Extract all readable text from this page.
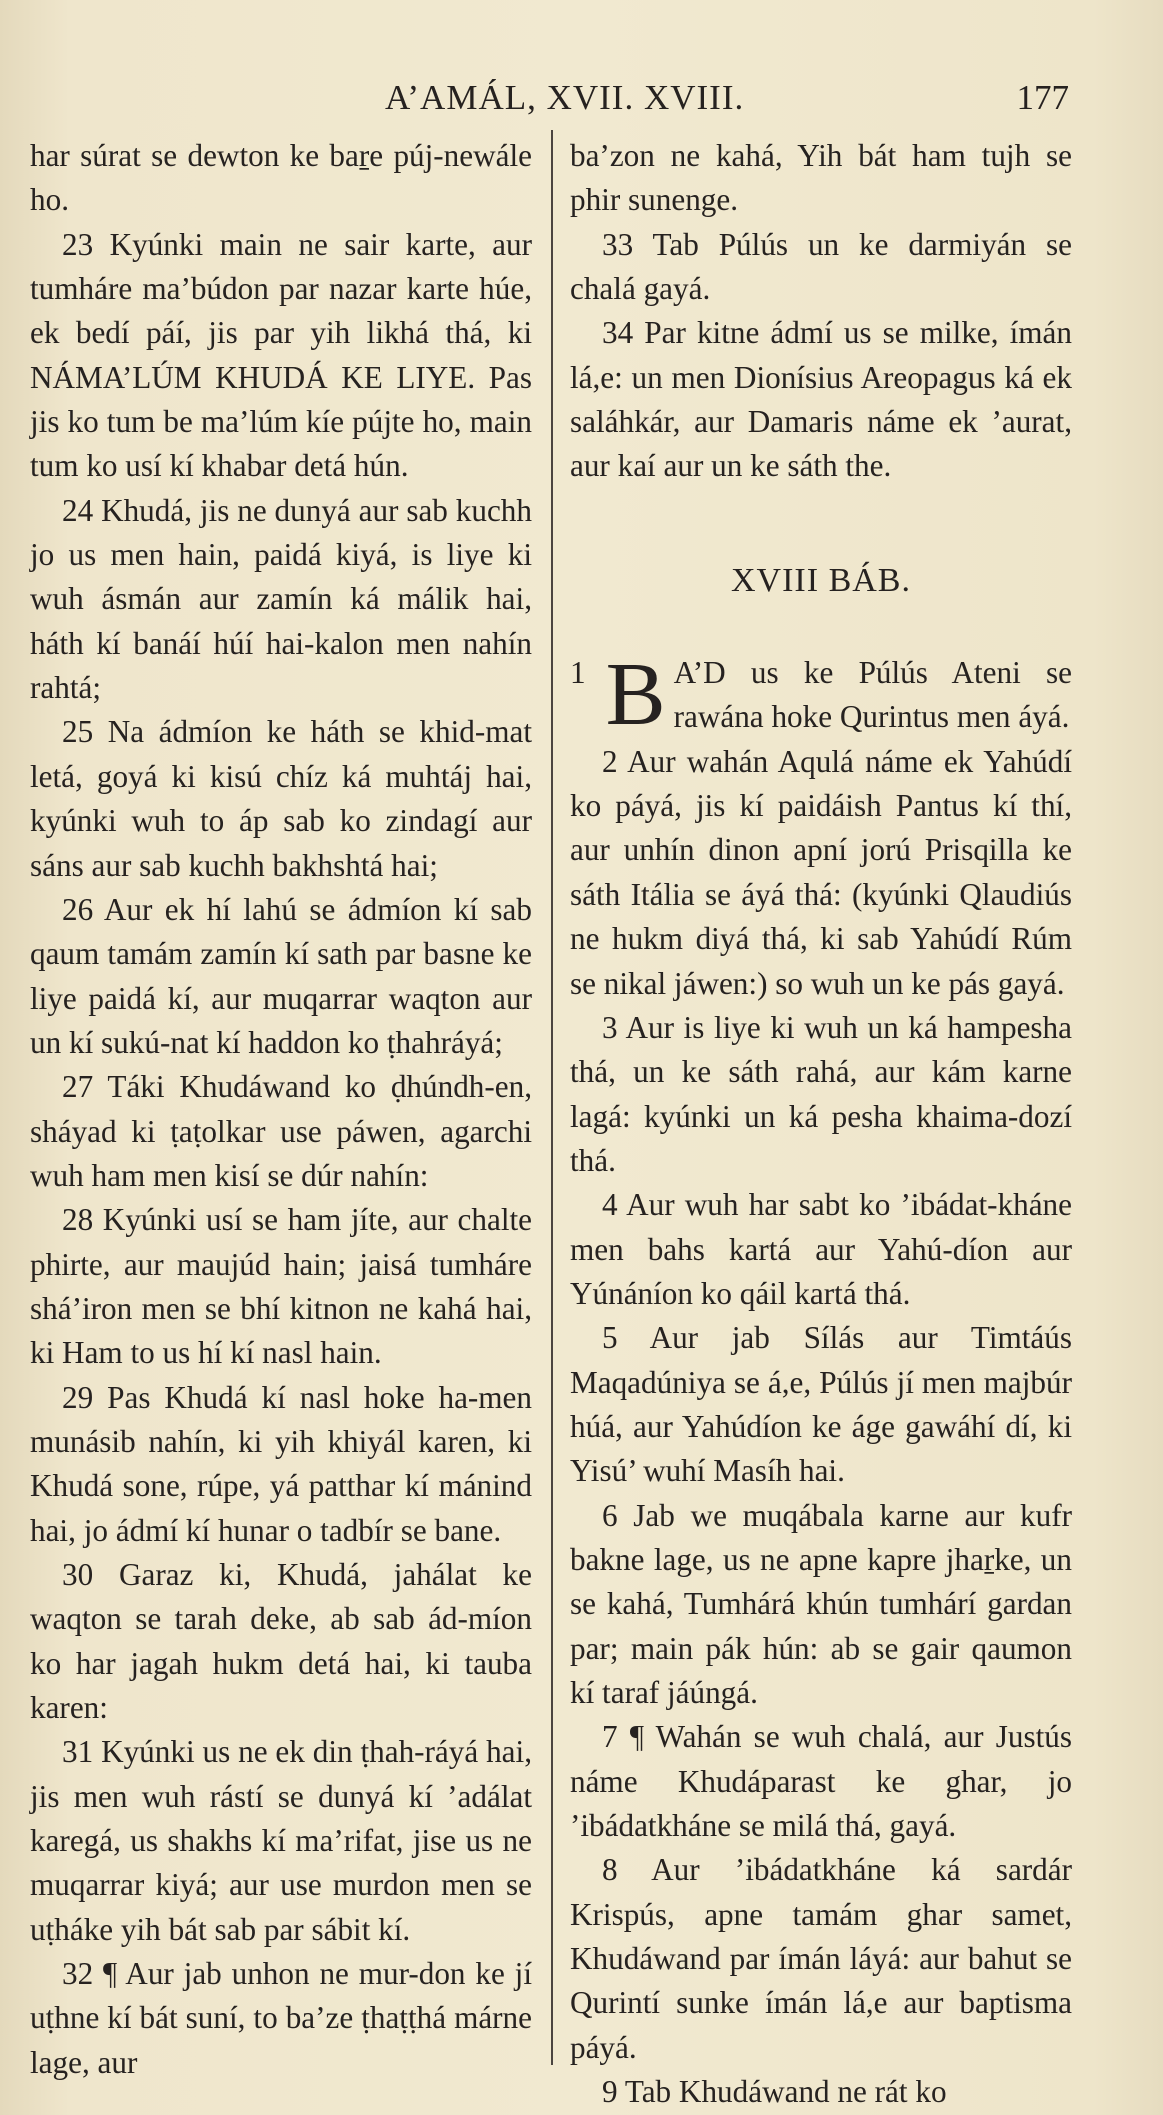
A’AMÁL, XVII. XVIII.	177

har súrat se dewton ke baṟe púj-newále ho.

23 Kyúnki main ne sair karte, aur tumháre ma’búdon par nazar karte húe, ek bedí páí, jis par yih likhá thá, ki NÁMA’LÚM KHUDÁ KE LIYE. Pas jis ko tum be ma’lúm kíe pújte ho, main tum ko usí kí khabar detá hún.

24 Khudá, jis ne dunyá aur sab kuchh jo us men hain, paidá kiyá, is liye ki wuh ásmán aur zamín ká málik hai, háth kí banáí húí hai-kalon men nahín rahtá;

25 Na ádmíon ke háth se khid-mat letá, goyá ki kisú chíz ká muhtáj hai, kyúnki wuh to áp sab ko zindagí aur sáns aur sab kuchh bakhshtá hai;

26 Aur ek hí lahú se ádmíon kí sab qaum tamám zamín kí sath par basne ke liye paidá kí, aur muqarrar waqton aur un kí sukú-nat kí haddon ko ṭhahráyá;

27 Táki Khudáwand ko ḍhúndh-en, sháyad ki ṭaṭolkar use páwen, agarchi wuh ham men kisí se dúr nahín:

28 Kyúnki usí se ham jíte, aur chalte phirte, aur maujúd hain; jaisá tumháre shá’iron men se bhí kitnon ne kahá hai, ki Ham to us hí kí nasl hain.

29 Pas Khudá kí nasl hoke ha-men munásib nahín, ki yih khiyál karen, ki Khudá sone, rúpe, yá patthar kí mánind hai, jo ádmí kí hunar o tadbír se bane.

30 Garaz ki, Khudá, jahálat ke waqton se tarah deke, ab sab ád-míon ko har jagah hukm detá hai, ki tauba karen:

31 Kyúnki us ne ek din ṭhah-ráyá hai, jis men wuh rástí se dunyá kí ’adálat karegá, us shakhs kí ma’rifat, jise us ne muqarrar kiyá; aur use murdon men se uṭháke yih bát sab par sábit kí.

32 ¶ Aur jab unhon ne mur-don ke jí uṭhne kí bát suní, to ba’ze ṭhaṭṭhá márne lage, aur

ba’zon ne kahá, Yih bát ham tujh se phir sunenge.

33 Tab Púlús un ke darmiyán se chalá gayá.

34 Par kitne ádmí us se milke, ímán lá,e: un men Dionísius Areopagus ká ek saláhkár, aur Damaris náme ek ’aurat, aur kaí aur un ke sáth the.

XVIII BÁB.

1 B A’D us ke Púlús Ateni se rawána hoke Qurintus men áyá.

2 Aur wahán Aqulá náme ek Yahúdí ko páyá, jis kí paidáish Pantus kí thí, aur unhín dinon apní jorú Prisqilla ke sáth Itália se áyá thá: (kyúnki Qlaudiús ne hukm diyá thá, ki sab Yahúdí Rúm se nikal jáwen:) so wuh un ke pás gayá.

3 Aur is liye ki wuh un ká hampesha thá, un ke sáth rahá, aur kám karne lagá: kyúnki un ká pesha khaima-dozí thá.

4 Aur wuh har sabt ko ’ibádat-kháne men bahs kartá aur Yahú-díon aur Yúnáníon ko qáil kartá thá.

5 Aur jab Sílás aur Timtáús Maqadúniya se á,e, Púlús jí men majbúr húá, aur Yahúdíon ke áge gawáhí dí, ki Yisú’ wuhí Masíh hai.

6 Jab we muqábala karne aur kufr bakne lage, us ne apne kapre jhaṟke, un se kahá, Tumhárá khún tumhárí gardan par; main pák hún: ab se gair qaumon kí taraf jáúngá.

7 ¶ Wahán se wuh chalá, aur Justús náme Khudáparast ke ghar, jo ’ibádatkháne se milá thá, gayá.

8 Aur ’ibádatkháne ká sardár Krispús, apne tamám ghar samet, Khudáwand par ímán láyá: aur bahut se Qurintí sunke ímán lá,e aur baptisma páyá.

9 Tab Khudáwand ne rát ko
